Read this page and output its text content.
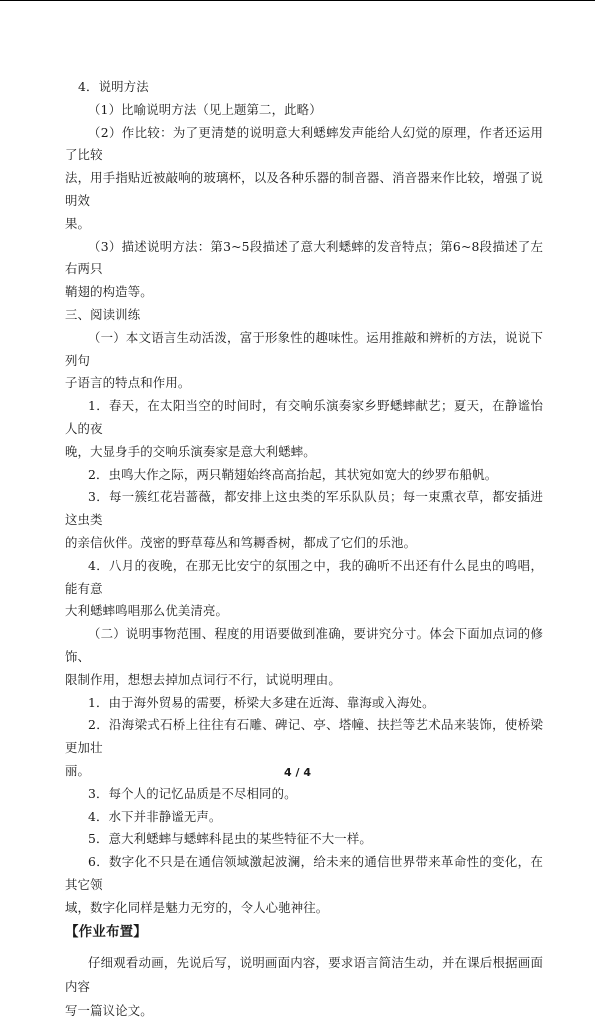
4．说明方法

（1）比喻说明方法（见上题第二，此略）

（2）作比较：为了更清楚的说明意大利蟋蟀发声能给人幻觉的原理，作者还运用了比较
法，用手指贴近被敲响的玻璃杯，以及各种乐器的制音器、消音器来作比较，增强了说明效
果。

（3）描述说明方法：第3~5段描述了意大利蟋蟀的发音特点；第6~8段描述了左右两只
鞘翅的构造等。

三、阅读训练

（一）本文语言生动活泼，富于形象性的趣味性。运用推敲和辨析的方法，说说下列句
子语言的特点和作用。

1．春天，在太阳当空的时间时，有交响乐演奏家乡野蟋蟀献艺；夏天，在静谧怡人的夜
晚，大显身手的交响乐演奏家是意大利蟋蟀。

2．虫鸣大作之际，两只鞘翅始终高高抬起，其状宛如宽大的纱罗布船帆。

3．每一簇红花岩蔷薇，都安排上这虫类的军乐队队员；每一束熏衣草，都安插进这虫类
的亲信伙伴。茂密的野草莓丛和笃耨香树，都成了它们的乐池。

4．八月的夜晚，在那无比安宁的氛围之中，我的确听不出还有什么昆虫的鸣唱，能有意
大利蟋蟀鸣唱那么优美清亮。

（二）说明事物范围、程度的用语要做到准确，要讲究分寸。体会下面加点词的修饰、
限制作用，想想去掉加点词行不行，试说明理由。

1．由于海外贸易的需要，桥梁大多建在近海、靠海或入海处。

2．沿海梁式石桥上往往有石雕、碑记、亭、塔幢、扶拦等艺术品来装饰，使桥梁更加壮
丽。

3．每个人的记忆品质是不尽相同的。

4．水下并非静谧无声。

5．意大利蟋蟀与蟋蟀科昆虫的某些特征不大一样。

6．数字化不只是在通信领域激起波澜，给未来的通信世界带来革命性的变化，在其它领
域，数字化同样是魅力无穷的，令人心驰神往。

【作业布置】

仔细观看动画，先说后写，说明画面内容，要求语言简洁生动，并在课后根据画面内容
写一篇议论文。

4 / 4
